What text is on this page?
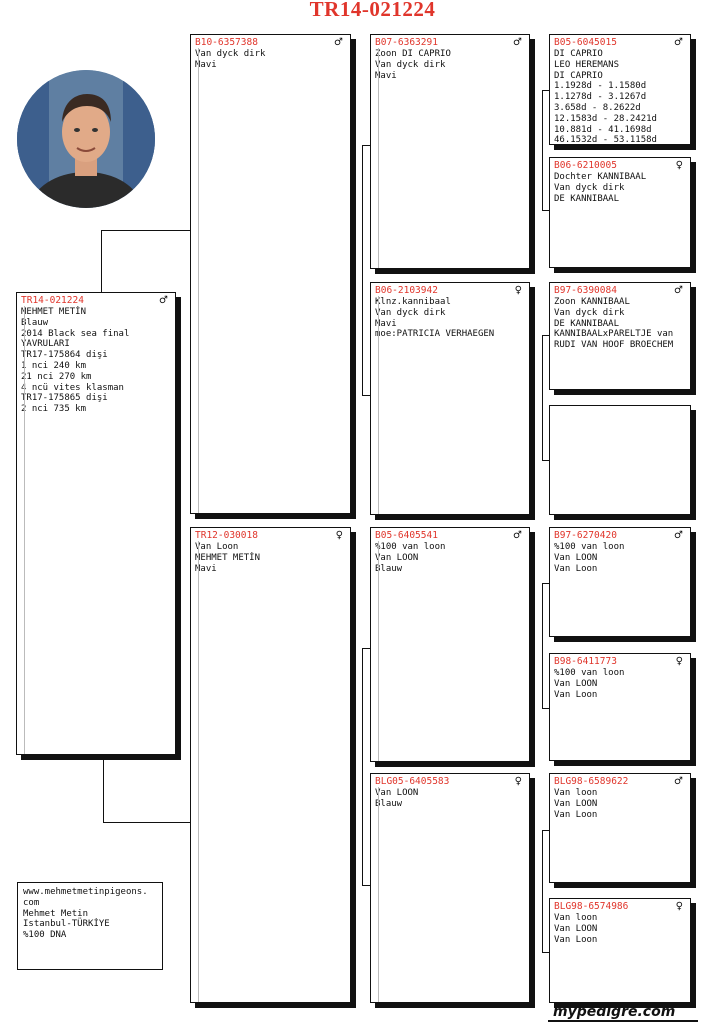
TR14-021224
TR14-021224	♂
MEHMET METİN
Blauw
2014 Black sea final
YAVRULARI
TR17-175864 dişi
1 nci 240 km
21 nci 270 km
4 ncü vites klasman
TR17-175865 dişi
2 nci 735 km
B10-6357388	♂
Van dyck dirk
Mavi
TR12-030018	♀
Van Loon
MEHMET METİN
Mavi
B07-6363291	♂
Zoon DI CAPRIO
Van dyck dirk
Mavi
B06-2103942	♀
Klnz.kannibaal
Van dyck dirk
Mavi
moe:PATRICIA VERHAEGEN
B05-6405541	♂
%100 van loon
Van LOON
Blauw
BLG05-6405583	♀
Van LOON
Blauw
B05-6045015	♂
DI CAPRIO
LEO HEREMANS
DI CAPRIO
1.1928d - 1.1580d
1.1278d - 3.1267d
3.658d - 8.2622d
12.1583d - 28.2421d
10.881d - 41.1698d
46.1532d - 53.1158d
B06-6210005	♀
Dochter KANNIBAAL
Van dyck dirk
DE KANNIBAAL
B97-6390084	♂
Zoon KANNIBAAL
Van dyck dirk
DE KANNIBAAL
KANNIBAALxPARELTJE van
RUDI VAN HOOF BROECHEM
B97-6270420	♂
%100 van loon
Van LOON
Van Loon
B98-6411773	♀
%100 van loon
Van LOON
Van Loon
BLG98-6589622	♂
Van loon
Van LOON
Van Loon
BLG98-6574986	♀
Van loon
Van LOON
Van Loon
www.mehmetmetinpigeons.
com
Mehmet Metin
Istanbul-TÜRKİYE
%100 DNA
mypedigre.com
